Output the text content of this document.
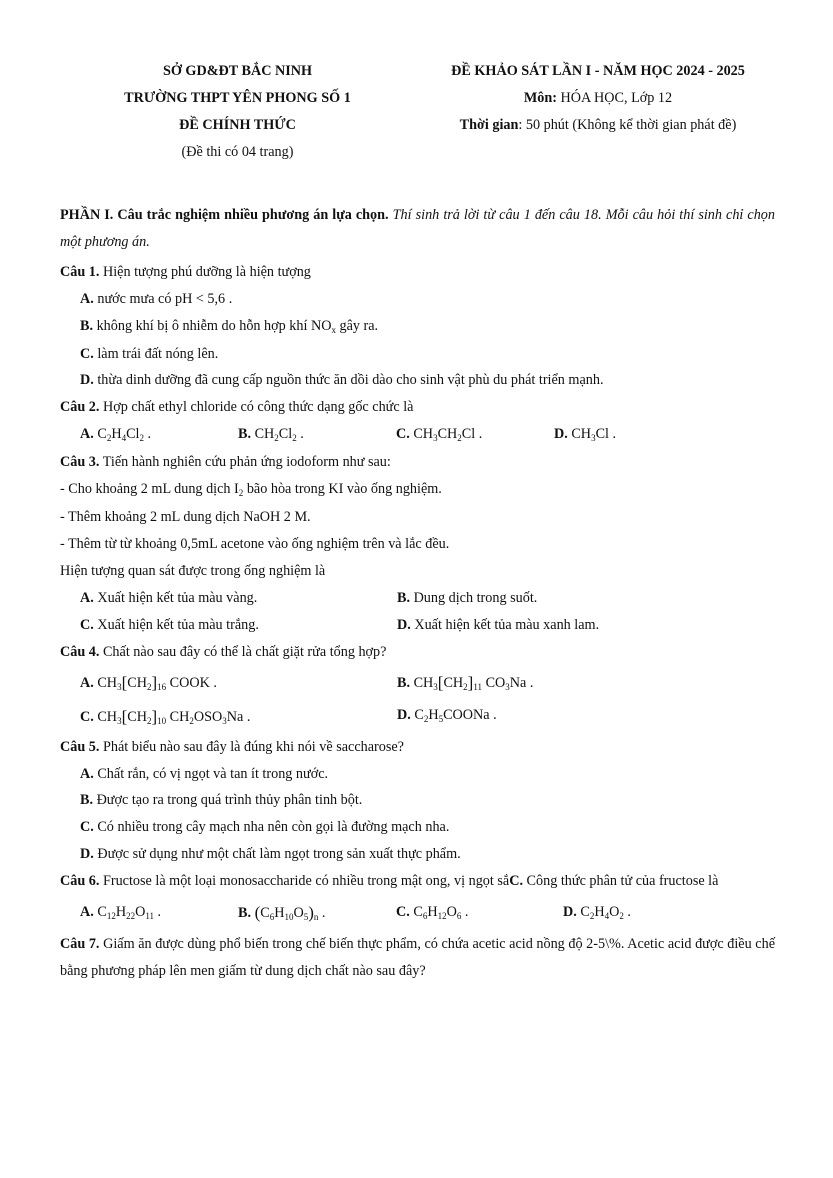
SỞ GD&ĐT BẮC NINH
TRƯỜNG THPT YÊN PHONG SỐ 1
ĐỀ CHÍNH THỨC
(Đề thi có 04 trang)
ĐỀ KHẢO SÁT LẦN I - NĂM HỌC 2024 - 2025
Môn: HÓA HỌC, Lớp 12
Thời gian: 50 phút (Không kể thời gian phát đề)
PHẦN I. Câu trắc nghiệm nhiều phương án lựa chọn. Thí sinh trả lời từ câu 1 đến câu 18. Mỗi câu hỏi thí sinh chỉ chọn một phương án.
Câu 1. Hiện tượng phú dưỡng là hiện tượng
A. nước mưa có pH < 5,6 .
B. không khí bị ô nhiễm do hỗn hợp khí $NO_x$ gây ra.
C. làm trái đất nóng lên.
D. thừa dinh dưỡng đã cung cấp nguồn thức ăn dồi dào cho sinh vật phù du phát triển mạnh.
Câu 2. Hợp chất ethyl chloride có công thức dạng gốc chức là
A. $C_2H_4Cl_2$ .	B. $CH_2Cl_2$ .	C. $CH_3CH_2Cl$ .	D. $CH_3Cl$ .
Câu 3. Tiến hành nghiên cứu phản ứng iodoform như sau:
- Cho khoảng 2 mL dung dịch $I_2$ bão hòa trong KI vào ống nghiệm.
- Thêm khoảng 2 mL dung dịch NaOH 2 M.
- Thêm từ từ khoảng 0,5mL acetone vào ống nghiệm trên và lắc đều.
Hiện tượng quan sát được trong ống nghiệm là
A. Xuất hiện kết tủa màu vàng.	B. Dung dịch trong suốt.
C. Xuất hiện kết tủa màu trắng.	D. Xuất hiện kết tủa màu xanh lam.
Câu 4. Chất nào sau đây có thể là chất giặt rửa tổng hợp?
A. $CH_3[CH_2]_{16}$ COOK .	B. $CH_3[CH_2]_{11}$ $CO_3Na$ .
C. $CH_3[CH_2]_{10}$ $CH_2OSO_3Na$ .	D. $C_2H_5COONa$ .
Câu 5. Phát biểu nào sau đây là đúng khi nói về saccharose?
A. Chất rắn, có vị ngọt và tan ít trong nước.
B. Được tạo ra trong quá trình thủy phân tinh bột.
C. Có nhiều trong cây mạch nha nên còn gọi là đường mạch nha.
D. Được sử dụng như một chất làm ngọt trong sản xuất thực phẩm.
Câu 6. Fructose là một loại monosaccharide có nhiều trong mật ong, vị ngọt sắC. Công thức phân tử của fructose là
A. $C_{12}H_{22}O_{11}$ .	B. $(C_6H_{10}O_5)_n$ .	C. $C_6H_{12}O_6$ .	D. $C_2H_4O_2$ .
Câu 7. Giấm ăn được dùng phổ biến trong chế biến thực phẩm, có chứa acetic acid nồng độ 2-5\%. Acetic acid được điều chế bằng phương pháp lên men giấm từ dung dịch chất nào sau đây?
